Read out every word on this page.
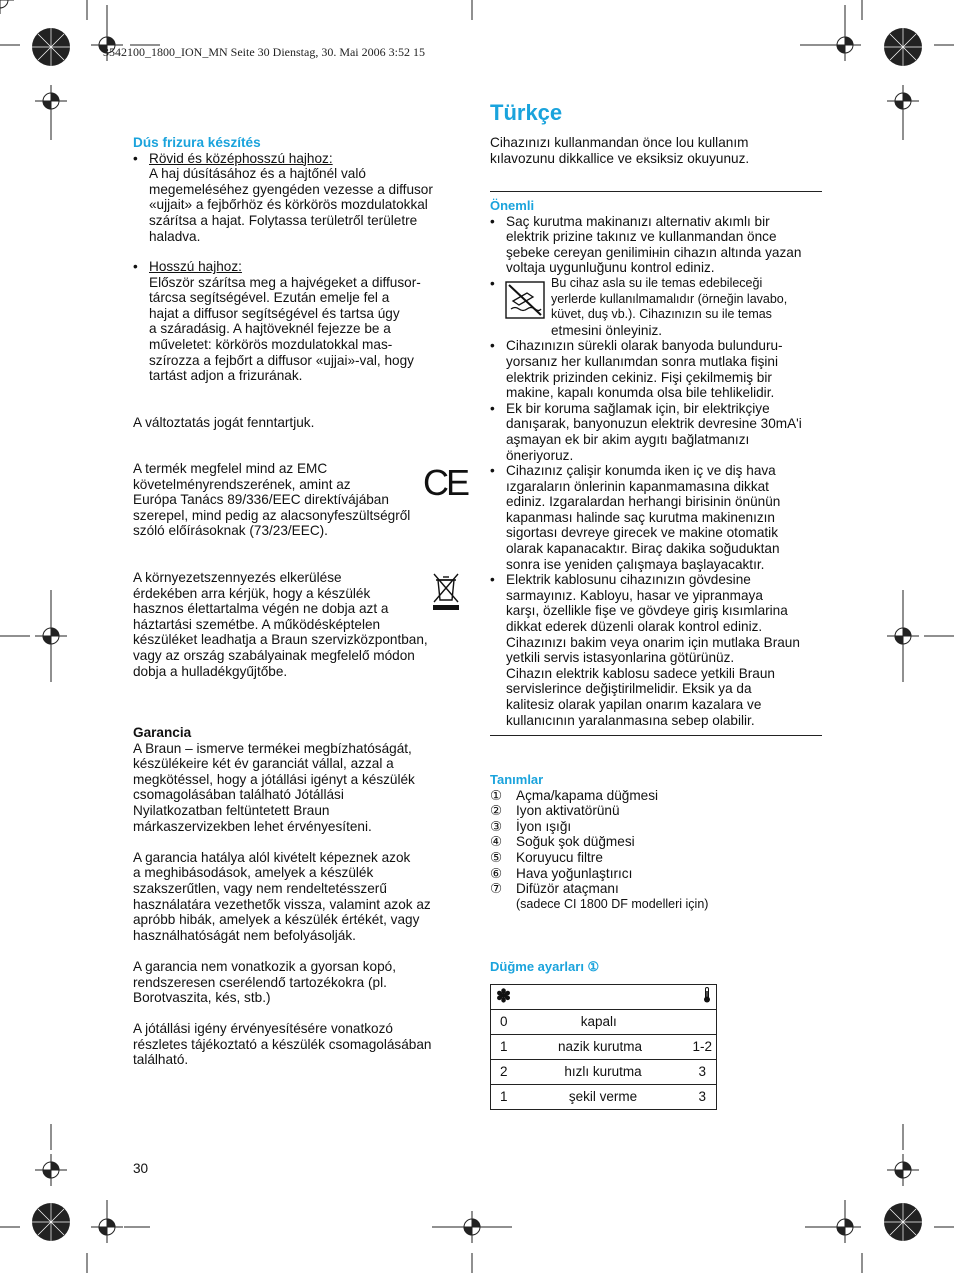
3542100_1800_ION_MN Seite 30 Dienstag, 30. Mai 2006 3:52 15
Dús frizura készítés
• Rövid és középhosszú hajhoz:
A haj dúsításához és a hajtőnél való
megemeléséhez gyengéden vezesse a diffusor
«ujjait» a fejbőrhöz és körkörös mozdulatokkal
szárítsa a hajat. Folytassa területről területre
haladva.
• Hosszú hajhoz:
Először szárítsa meg a hajvégeket a diffusor-
tárcsa segítségével. Ezután emelje fel a
hajat a diffusor segítségével és tartsa úgy
a száradásig. A hajtöveknél fejezze be a
műveletet: körkörös mozdulatokkal mas-
szírozza a fejbőrt a diffusor «ujjai»-val, hogy
tartást adjon a frizurának.
A változtatás jogát fenntartjuk.
A termék megfelel mind az EMC
követelményrendszerének, amint az
Európa Tanács 89/336/EEC direktívájában
szerepel, mind pedig az alacsonyfeszültségről
szóló előírásoknak (73/23/EEC).
CE
A környezetszennyezés elkerülése
érdekében arra kérjük, hogy a készülék
hasznos élettartalma végén ne dobja azt a
háztartási szemétbe. A működésképtelen
készüléket leadhatja a Braun szervizközpontban,
vagy az ország szabályainak megfelelő módon
dobja a hulladékgyűjtőbe.
Garancia
A Braun – ismerve termékei megbízhatóságát,
készülékeire két év garanciát vállal, azzal a
megkötéssel, hogy a jótállási igényt a készülék
csomagolásában található Jótállási
Nyilatkozatban feltüntetett Braun
márkaszervizekben lehet érvényesíteni.
A garancia hatálya alól kivételt képeznek azok
a meghibásodások, amelyek a készülék
szakszerűtlen, vagy nem rendeltetésszerű
használatára vezethetők vissza, valamint azok az
apróbb hibák, amelyek a készülék értékét, vagy
használhatóságát nem befolyásolják.
A garancia nem vonatkozik a gyorsan kopó,
rendszeresen cserélendő tartozékokra (pl.
Borotvaszita, kés, stb.)
A jótállási igény érvényesítésére vonatkozó
részletes tájékoztató a készülék csomagolásában
található.
30
Türkçe
Cihazınızı kullanmandan önce lou kullanım
kılavozunu dikkallice ve eksiksiz okuyunuz.
Önemli
• Saç kurutma makinanızı alternativ akımlı bir
elektrik prizine takınız ve kullanmandan önce
şebeke cereyan genilimінin cihazın altında yazan
voltaja uygunluğunu kontrol ediniz.
• Bu cihaz asla su ile temas edebileceği
yerlerde kullanılmamalıdır (örneğin lavabo,
küvet, duş vb.). Cihazınızın su ile temas
etmesini önleyiniz.
• Cihazınızın sürekli olarak banyoda bulunduru-
yorsanız her kullanımdan sonra mutlaka fişini
elektrik prizinden cekiniz. Fişi çekilmemiş bir
makine, kapalı konumda olsa bile tehlikelidir.
• Ek bir koruma sağlamak için, bir elektrikçiye
danışarak, banyonuzun elektrik devresine 30mA'i
aşmayan ek bir akim aygıtı bağlatmanızı
öneriyoruz.
• Cihazınız çalişir konumda iken iç ve diş hava
ızgaraların önlerinin kapanmamasına dikkat
ediniz. Izgaralardan herhangi birisinin önünün
kapanması halinde saç kurutma makinenızın
sigortası devreye girecek ve makine otomatik
olarak kapanacaktır. Biraç dakika soğuduktan
sonra ise yeniden çalışmaya başlayacaktır.
• Elektrik kablosunu cihazınızın gövdesine
sarmayınız. Kabloyu, hasar ve yipranmaya
karşı, özellikle fişe ve gövdeye giriş kısımlarina
dikkat ederek düzenli olarak kontrol ediniz.
Cihazınızı bakim veya onarim için mutlaka Braun
yetkili servis istasyonlarina götürünüz.
Cihazın elektrik kablosu sadece yetkili Braun
servislerince değiştirilmelidir. Eksik ya da
kalitesiz olarak yapilan onarım kazalara ve
kullanıcının yaralanmasına sebep olabilir.
Tanımlar
①	Açma/kapama düğmesi
②	Iyon aktivatörünü
③	İyon ışığı
④	Soğuk şok düğmesi
⑤	Koruyucu filtre
⑥	Hava yoğunlaştırıcı
⑦	Difüzör ataçmanı
(sadece CI 1800 DF modelleri için)
Düğme ayarları ①
✽

0	kapalı

1	nazik kurutma	1-2

2	hızlı kurutma	3

1	şekil verme	3
